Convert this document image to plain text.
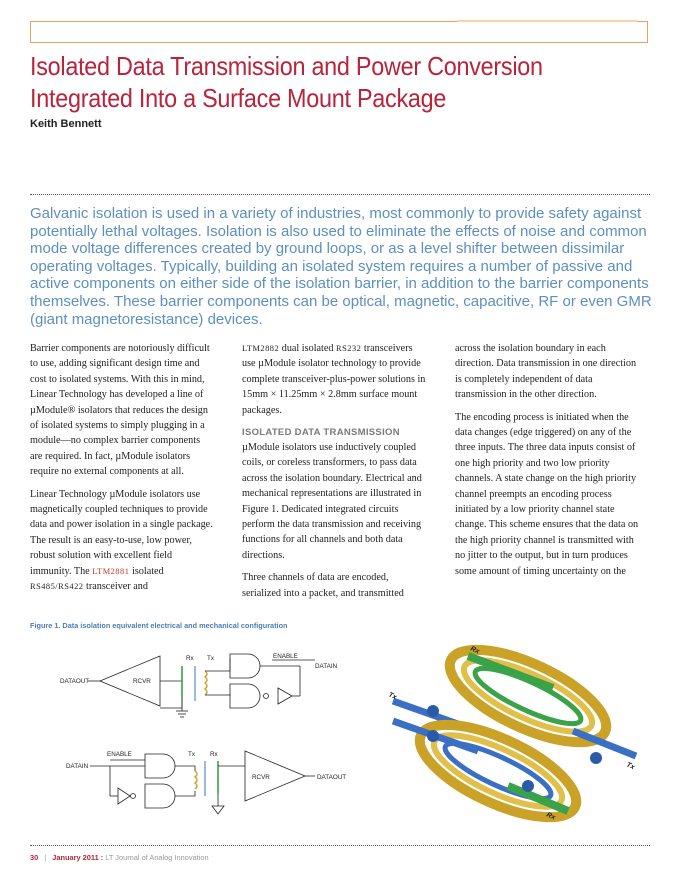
Isolated Data Transmission and Power Conversion
Integrated Into a Surface Mount Package
Keith Bennett

Galvanic isolation is used in a variety of industries, most commonly to provide safety against potentially lethal voltages. Isolation is also used to eliminate the effects of noise and common mode voltage differences created by ground loops, or as a level shifter between dissimilar operating voltages. Typically, building an isolated system requires a number of passive and active components on either side of the isolation barrier, in addition to the barrier components themselves. These barrier components can be optical, magnetic, capacitive, RF or even GMR (giant magnetoresistance) devices.

Barrier components are notoriously difficult to use, adding significant design time and cost to isolated systems. With this in mind, Linear Technology has developed a line of µModule® isolators that reduces the design of isolated systems to simply plugging in a module—no complex barrier components are required. In fact, µModule isolators require no external components at all.

Linear Technology µModule isolators use magnetically coupled techniques to provide data and power isolation in a single package. The result is an easy-to-use, low power, robust solution with excellent field immunity. The LTM2881 isolated RS485/RS422 transceiver and

LTM2882 dual isolated RS232 transceivers use µModule isolator technology to provide complete transceiver-plus-power solutions in 15mm × 11.25mm × 2.8mm surface mount packages.

ISOLATED DATA TRANSMISSION

µModule isolators use inductively coupled coils, or coreless transformers, to pass data across the isolation boundary. Electrical and mechanical representations are illustrated in Figure 1. Dedicated integrated circuits perform the data transmission and receiving functions for all channels and both data directions.

Three channels of data are encoded, serialized into a packet, and transmitted

across the isolation boundary in each direction. Data transmission in one direction is completely independent of data transmission in the other direction.

The encoding process is initiated when the data changes (edge triggered) on any of the three inputs. The three data inputs consist of one high priority and two low priority channels. A state change on the high priority channel preempts an encoding process initiated by a low priority channel state change. This scheme ensures that the data on the high priority channel is transmitted with no jitter to the output, but in turn produces some amount of timing uncertainty on the

Figure 1. Data isolation equivalent electrical and mechanical configuration
DATAOUT	RCVR
Rx Tx	ENABLE
DATAIN
ENABLE
DATAIN
Tx Rx
RCVR	DATAOUT
Rx
Tx
Tx
Rx
30 | January 2011 : LT Journal of Analog Innovation
